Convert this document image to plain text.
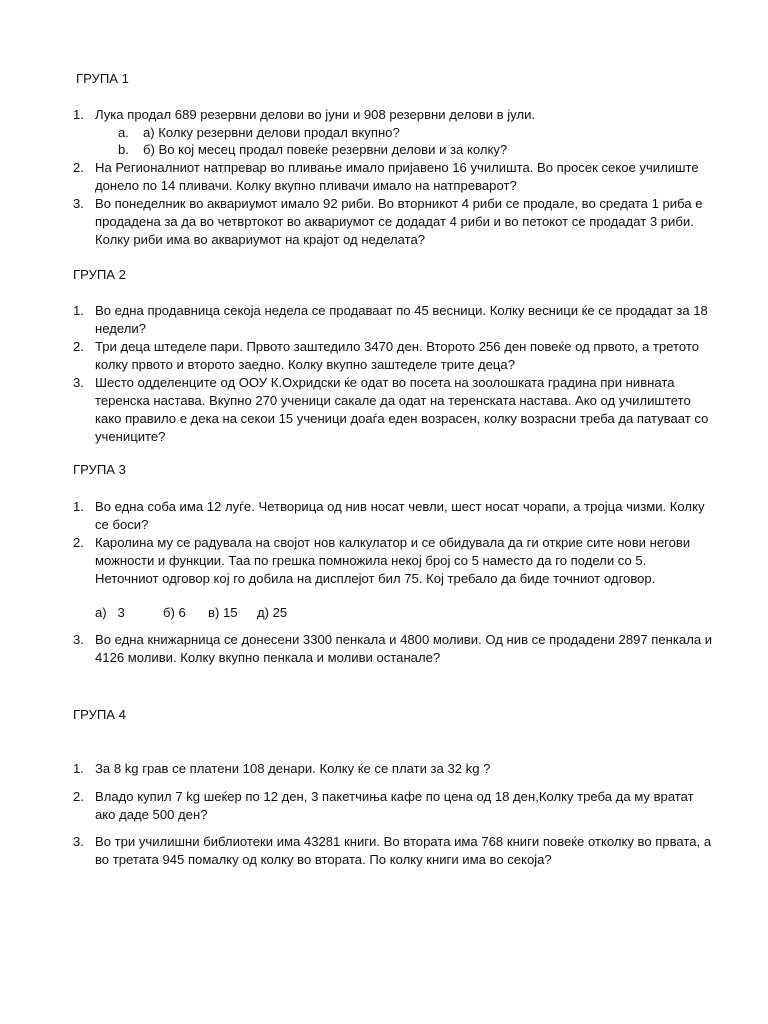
ГРУПА 1
1. Лука продал 689 резервни делови во јуни и 908 резервни делови в јули.
a. а) Колку резервни делови продал вкупно?
b. б) Во кој месец продал повеќе резервни делови и за колку?
2. На Регионалниот натпревар во пливање имало пријавено 16 училишта. Во просек секое училиште донело по 14 пливачи. Колку вкупно пливачи имало на натпреварот?
3. Во понеделник во аквариумот имало 92 риби. Во вторникот 4 риби се продале, во средата 1 риба е продадена за да во четвртокот во аквариумот се додадат 4 риби и во петокот се продадат 3 риби. Колку риби има во аквариумот на крајот од неделата?
ГРУПА 2
1. Во една продавница секоја недела се продаваат по 45 весници. Колку весници ќе се продадат за 18 недели?
2. Три деца штеделе пари. Првото заштедило 3470 ден. Второто 256 ден повеќе од првото, а третото колку првото и второто заедно. Колку вкупно заштеделе трите деца?
3. Шесто одделенците од ООУ К.Охридски ќе одат во посета на зоолошката градина при нивната теренска настава. Вкупно 270 ученици сакале да одат на теренската настава. Ако од училиштето како правило е дека на секои 15 ученици доаѓа еден возрасен, колку возрасни треба да патуваат со учениците?
ГРУПА 3
1. Во една соба има 12 луѓе. Четворица од нив носат чевли, шест носат чорапи, а тројца чизми. Колку се боси?
2. Каролина му се радувала на својот нов калкулатор и се обидувала да ги открие сите нови негови можности и функции. Таа по грешка помножила некој број со 5 наместо да го подели со 5. Неточниот одговор кој го добила на дисплејот бил 75. Кој требало да биде точниот одговор.
а)   3	б) 6 в) 15 д) 25
3. Во една книжарница се донесени 3300 пенкала и 4800 моливи. Од нив се продадени 2897 пенкала и 4126 моливи. Колку вкупно пенкала и моливи останале?
ГРУПА 4
1. За 8 kg грав се платени 108 денари. Колку ќе се плати за 32 kg ?
2. Владо купил 7 kg шеќер по 12 ден, 3 пакетчиња кафе по цена од 18 ден,Колку треба да му вратат ако даде 500 ден?
3. Во три училишни библиотеки има 43281 книги. Во втората има 768 книги повеќе отколку во првата, а во третата 945 помалку од колку во втората. По колку книги има во секоја?
